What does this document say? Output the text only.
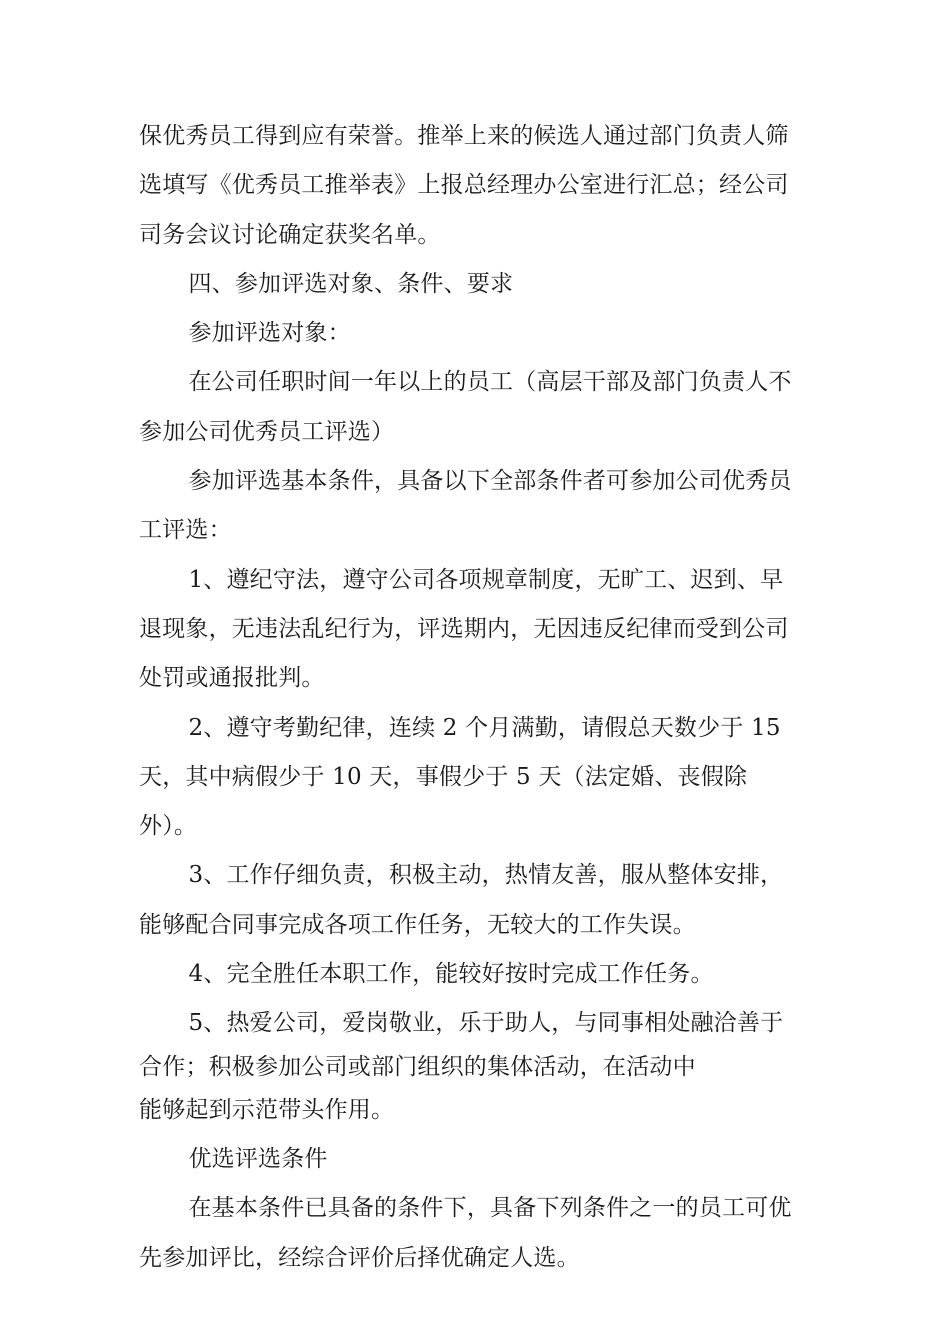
保优秀员工得到应有荣誉。推举上来的候选人通过部门负责人筛
选填写《优秀员工推举表》上报总经理办公室进行汇总；经公司
司务会议讨论确定获奖名单。

四、参加评选对象、条件、要求

参加评选对象：

在公司任职时间一年以上的员工（高层干部及部门负责人不
参加公司优秀员工评选）

参加评选基本条件，具备以下全部条件者可参加公司优秀员
工评选：

1、遵纪守法，遵守公司各项规章制度，无旷工、迟到、早
退现象，无违法乱纪行为，评选期内，无因违反纪律而受到公司
处罚或通报批判。

2、遵守考勤纪律，连续 2 个月满勤，请假总天数少于 15
天，其中病假少于 10 天，事假少于 5 天（法定婚、丧假除
外）。

3、工作仔细负责，积极主动，热情友善，服从整体安排，
能够配合同事完成各项工作任务，无较大的工作失误。

4、完全胜任本职工作，能较好按时完成工作任务。

5、热爱公司，爱岗敬业，乐于助人，与同事相处融洽善于
合作；积极参加公司或部门组织的集体活动，在活动中
能够起到示范带头作用。

优选评选条件

在基本条件已具备的条件下，具备下列条件之一的员工可优
先参加评比，经综合评价后择优确定人选。
